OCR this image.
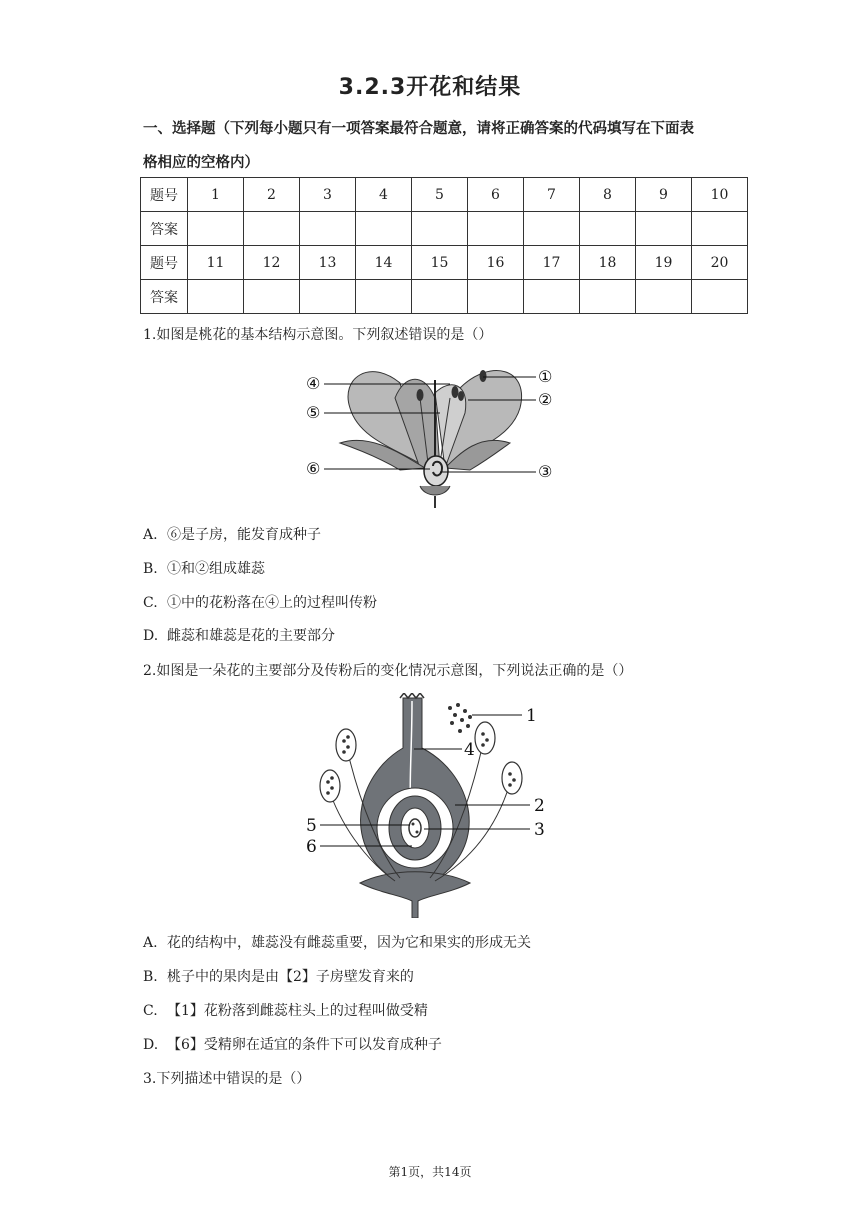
3.2.3开花和结果
一、选择题（下列每小题只有一项答案最符合题意，请将正确答案的代码填写在下面表
格相应的空格内）
题号	1	2	3	4	5	6	7	8	9	10
答案										
题号	11	12	13	14	15	16	17	18	19	20
答案										
1.如图是桃花的基本结构示意图。下列叙述错误的是（）
④
⑤
⑥
①
②
③
A. ⑥是子房，能发育成种子
B. ①和②组成雄蕊
C. ①中的花粉落在④上的过程叫传粉
D. 雌蕊和雄蕊是花的主要部分
2.如图是一朵花的主要部分及传粉后的变化情况示意图，下列说法正确的是（）
1
4
2
5	3
6
A. 花的结构中，雄蕊没有雌蕊重要，因为它和果实的形成无关
B. 桃子中的果肉是由【2】子房壁发育来的
C. 【1】花粉落到雌蕊柱头上的过程叫做受精
D. 【6】受精卵在适宜的条件下可以发育成种子
3.下列描述中错误的是（）
第1页，共14页
